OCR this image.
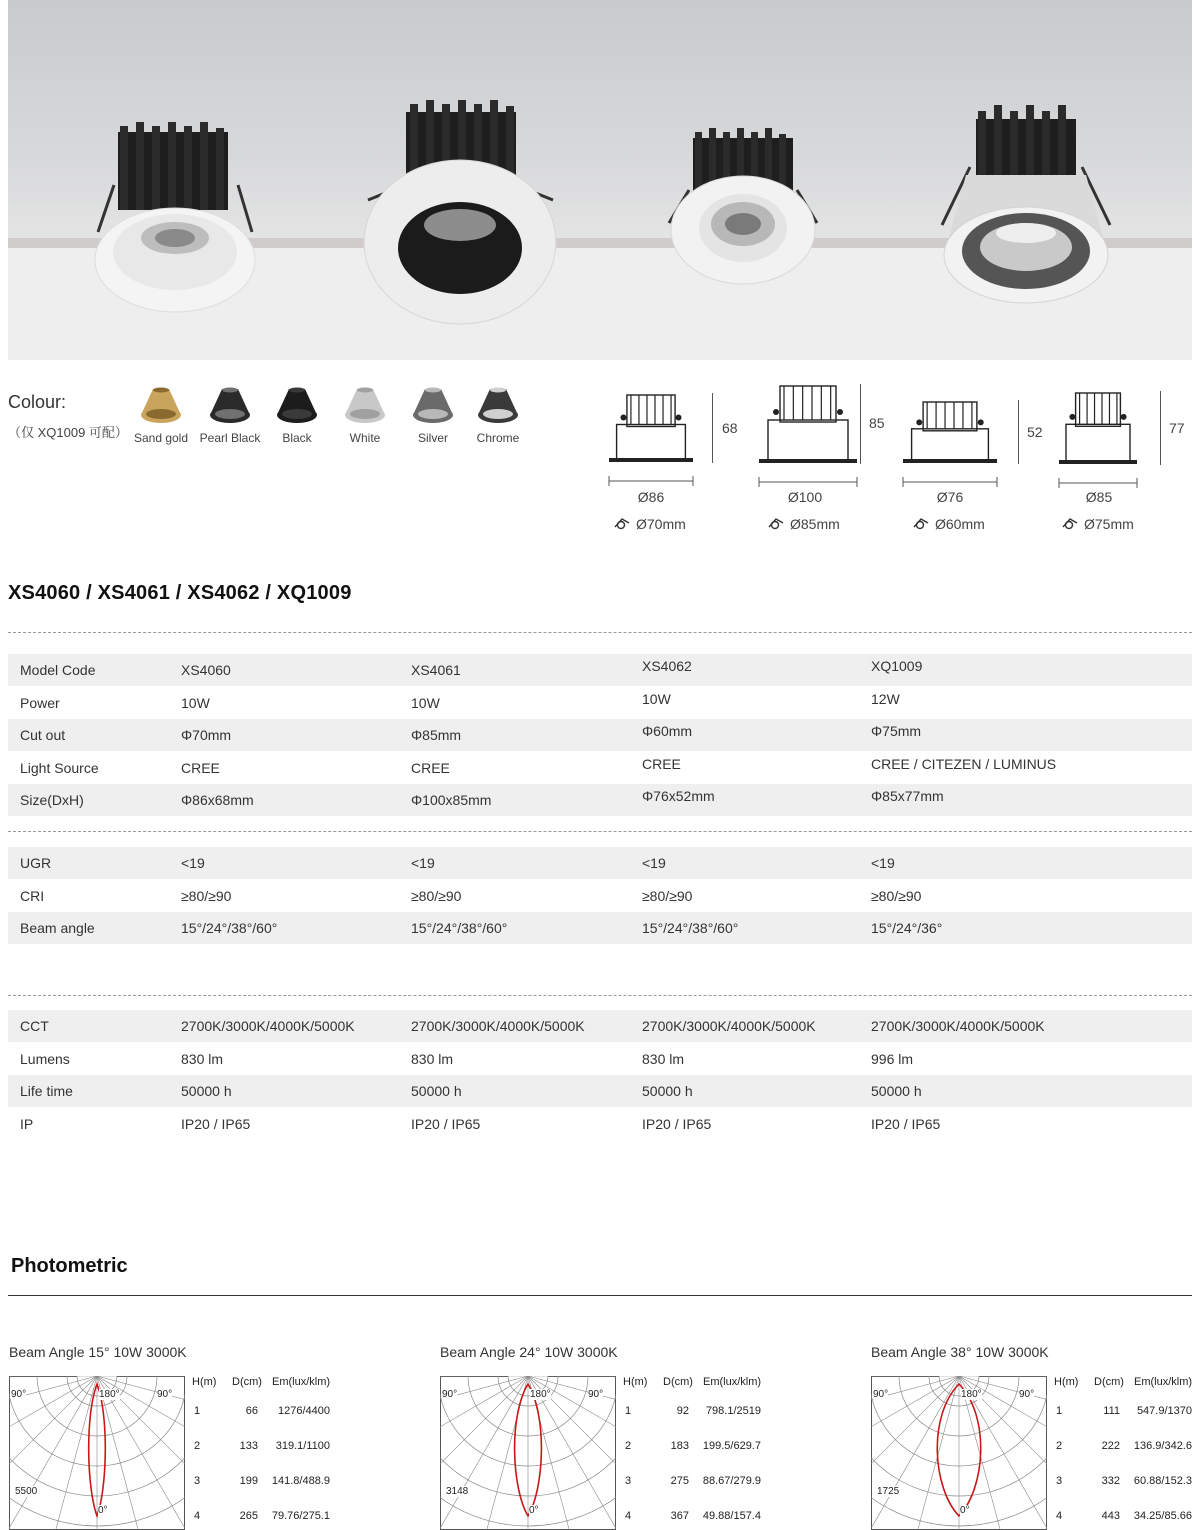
Colour:
（仅 XQ1009 可配） Sand gold Pearl Black	Black	White	Silver	Chrome
68
Ø86
Ø70mm
85
Ø100
Ø85mm
52
Ø76
Ø60mm
77
Ø85
Ø75mm
XS4060 / XS4061 / XS4062 / XQ1009
Model Code	XS4060	XS4061	XS4062	XQ1009
Power	10W	10W	10W	12W
Cut out	Φ70mm	Φ85mm	Φ60mm	Φ75mm
Light Source	CREE	CREE	CREE	CREE / CITEZEN / LUMINUS
Size(DxH)	Φ86x68mm	Φ100x85mm	Φ76x52mm	Φ85x77mm
UGR	<19	<19	<19	<19
CRI	≥80/≥90	≥80/≥90	≥80/≥90	≥80/≥90
Beam angle	15°/24°/38°/60°	15°/24°/38°/60°	15°/24°/38°/60°	15°/24°/36°
CCT	2700K/3000K/4000K/5000K	2700K/3000K/4000K/5000K	2700K/3000K/4000K/5000K	2700K/3000K/4000K/5000K
Lumens	830 lm	830 lm	830 lm	996 lm
Life time	50000 h	50000 h	50000 h	50000 h
IP	IP20 / IP65	IP20 / IP65	IP20 / IP65	IP20 / IP65
Photometric
Beam Angle 15° 10W 3000K
90°	180°	90°
0°
5500
H(m) D(cm) Em(lux/klm)
1	66	1276/4400
2	133	319.1/1100
3	199	141.8/488.9
4	265	79.76/275.1
Beam Angle 24° 10W 3000K
90°	180°	90°
0°
3148
H(m) D(cm) Em(lux/klm)
1	92	798.1/2519
2	183	199.5/629.7
3	275	88.67/279.9
4	367	49.88/157.4
Beam Angle 38° 10W 3000K
90°	180°	90°
0°
1725
H(m) D(cm) Em(lux/klm)
1	111	547.9/1370
2	222	136.9/342.6
3	332	60.88/152.3
4	443	34.25/85.66
